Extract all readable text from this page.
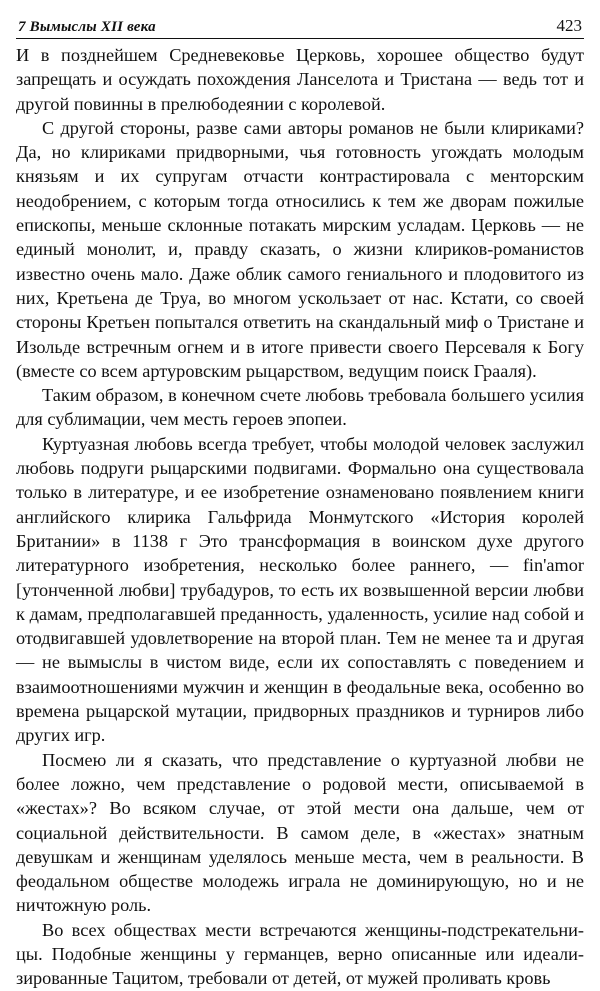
7 Вымыслы XII века	423

И в позднейшем Средневековье Церковь, хорошее общество будут запрещать и осуждать похождения Ланселота и Тристана — ведь тот и другой повинны в прелюбодеянии с королевой.

С другой стороны, разве сами авторы романов не были клириками? Да, но клириками придворными, чья готовность угождать молодым князьям и их супругам отчасти контрастировала с менторским неодобрением, с которым тогда относились к тем же дворам пожилые епископы, меньше склонные потакать мирским усладам. Церковь — не единый монолит, и, правду сказать, о жизни клириков-романистов известно очень мало. Даже облик самого гениального и плодовитого из них, Кретьена де Труа, во многом ускользает от нас. Кстати, со своей стороны Кретьен попытался ответить на скандальный миф о Тристане и Изольде встречным огнем и в итоге привести своего Персеваля к Богу (вместе со всем артуровским рыцарством, ведущим поиск Грааля).

Таким образом, в конечном счете любовь требовала большего усилия для сублимации, чем месть героев эпопеи.

Куртуазная любовь всегда требует, чтобы молодой человек заслужил любовь подруги рыцарскими подвигами. Формально она существовала только в литературе, и ее изобретение ознаменовано появлением книги английского клирика Гальфрида Монмутского «История королей Британии» в 1138 г Это трансформация в воинском духе другого литературного изобретения, несколько более раннего, — fin'amor [утонченной любви] трубадуров, то есть их возвышенной версии любви к дамам, предполагавшей преданность, удаленность, усилие над собой и отодвигавшей удовлетворение на второй план. Тем не менее та и другая — не вымыслы в чистом виде, если их сопоставлять с поведением и взаимоотношениями мужчин и женщин в феодальные века, особенно во времена рыцарской мутации, придворных праздников и турниров либо других игр.

Посмею ли я сказать, что представление о куртуазной любви не более ложно, чем представление о родовой мести, описываемой в «жестах»? Во всяком случае, от этой мести она дальше, чем от социальной действительности. В самом деле, в «жестах» знатным девушкам и женщинам уделялось меньше места, чем в реальности. В феодальном обществе молодежь играла не доминирующую, но и не ничтожную роль.

Во всех обществах мести встречаются женщины-подстрекательницы. Подобные женщины у германцев, верно описанные или идеализированные Тацитом, требовали от детей, от мужей проливать кровь
